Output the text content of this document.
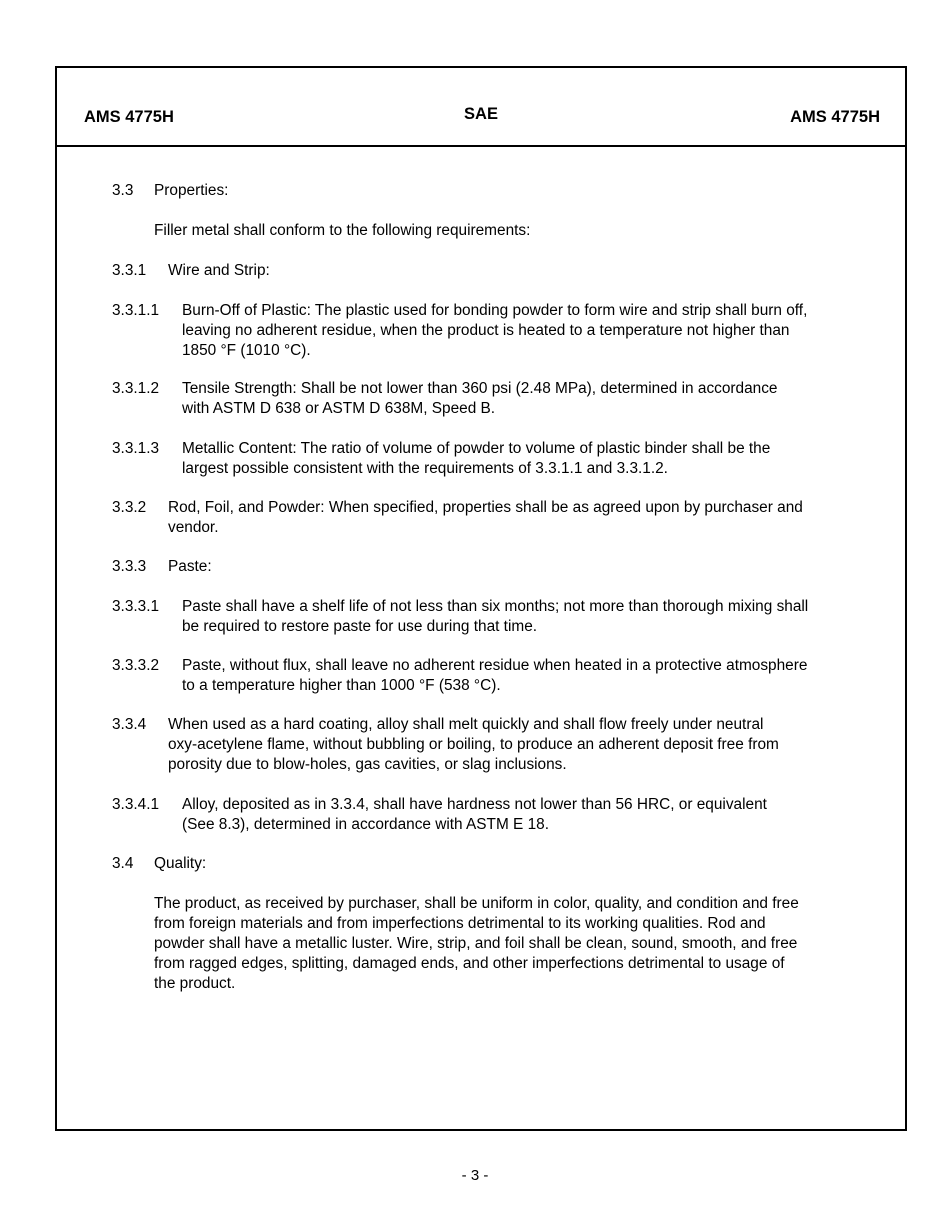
AMS 4775H	SAE	AMS 4775H
3.3 Properties:
Filler metal shall conform to the following requirements:
3.3.1 Wire and Strip:
3.3.1.1 Burn-Off of Plastic: The plastic used for bonding powder to form wire and strip shall burn off,
leaving no adherent residue, when the product is heated to a temperature not higher than
1850 °F (1010 °C).
3.3.1.2 Tensile Strength: Shall be not lower than 360 psi (2.48 MPa), determined in accordance
with ASTM D 638 or ASTM D 638M, Speed B.
3.3.1.3 Metallic Content: The ratio of volume of powder to volume of plastic binder shall be the
largest possible consistent with the requirements of 3.3.1.1 and 3.3.1.2.
3.3.2 Rod, Foil, and Powder: When specified, properties shall be as agreed upon by purchaser and
vendor.
3.3.3 Paste:
3.3.3.1 Paste shall have a shelf life of not less than six months; not more than thorough mixing shall
be required to restore paste for use during that time.
3.3.3.2 Paste, without flux, shall leave no adherent residue when heated in a protective atmosphere
to a temperature higher than 1000 °F (538 °C).
3.3.4 When used as a hard coating, alloy shall melt quickly and shall flow freely under neutral
oxy-acetylene flame, without bubbling or boiling, to produce an adherent deposit free from
porosity due to blow-holes, gas cavities, or slag inclusions.
3.3.4.1 Alloy, deposited as in 3.3.4, shall have hardness not lower than 56 HRC, or equivalent
(See 8.3), determined in accordance with ASTM E 18.
3.4 Quality:
The product, as received by purchaser, shall be uniform in color, quality, and condition and free
from foreign materials and from imperfections detrimental to its working qualities. Rod and
powder shall have a metallic luster. Wire, strip, and foil shall be clean, sound, smooth, and free
from ragged edges, splitting, damaged ends, and other imperfections detrimental to usage of
the product.
- 3 -
